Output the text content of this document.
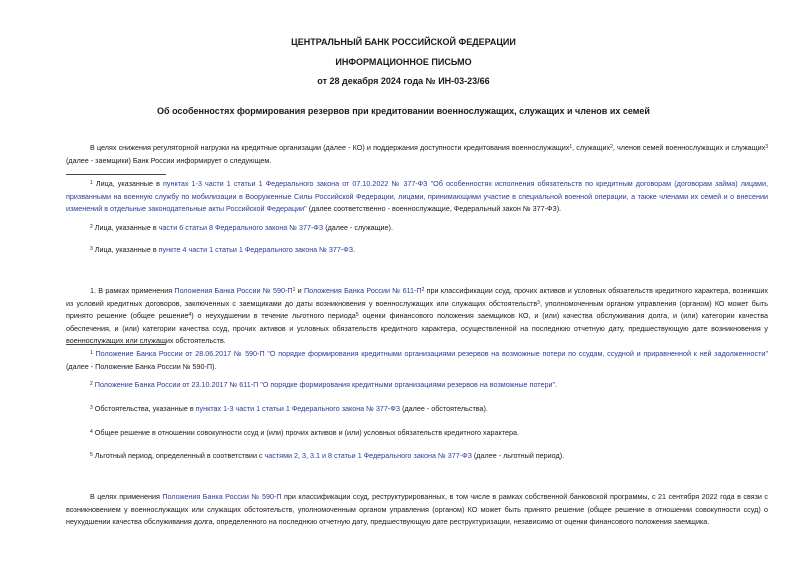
ЦЕНТРАЛЬНЫЙ БАНК РОССИЙСКОЙ ФЕДЕРАЦИИ
ИНФОРМАЦИОННОЕ ПИСЬМО
от 28 декабря 2024 года № ИН-03-23/66
Об особенностях формирования резервов при кредитовании военнослужащих, служащих и членов их семей
В целях снижения регуляторной нагрузки на кредитные организации (далее - КО) и поддержания доступности кредитования военнослужащих$^1$, служащих$^2$, членов семей военнослужащих и служащих$^3$ (далее - заемщики) Банк России информирует о следующем.
$^1$ Лица, указанные в пунктах 1-3 части 1 статьи 1 Федерального закона от 07.10.2022 № 377-ФЗ "Об особенностях исполнения обязательств по кредитным договорам (договорам займа) лицами, призванными на военную службу по мобилизации в Вооруженные Силы Российской Федерации, лицами, принимающими участие в специальной военной операции, а также членами их семей и о внесении изменений в отдельные законодательные акты Российской Федерации" (далее соответственно - военнослужащие, Федеральный закон № 377-ФЗ).
$^2$ Лица, указанные в части 6 статьи 8 Федерального закона № 377-ФЗ (далее - служащие).
$^3$ Лица, указанные в пункте 4 части 1 статьи 1 Федерального закона № 377-ФЗ.
1. В рамках применения Положения Банка России № $590-П^1$ и Положения Банка России № $611-П^2$ при классификации ссуд, прочих активов и условных обязательств кредитного характера, возникших из условий кредитных договоров, заключенных с заемщиками до даты возникновения у военнослужащих или служащих обстоятельств$^3$, уполномоченным органом управления (органом) КО может быть принято решение (общее решение$^4$) о неухудшении в течение льготного периода$^5$ оценки финансового положения заемщиков КО, и (или) качества обслуживания долга, и (или) категории качества обеспечения, и (или) категории качества ссуд, прочих активов и условных обязательств кредитного характера, осуществленной на последнюю отчетную дату, предшествующую дате возникновения у военнослужащих или служащих обстоятельств.
$^1$ Положение Банка России от 28.06.2017 № 590-П "О порядке формирования кредитными организациями резервов на возможные потери по ссудам, ссудной и приравненной к ней задолженности" (далее - Положение Банка России № 590-П).
$^2$ Положение Банка России от 23.10.2017 № 611-П "О порядке формирования кредитными организациями резервов на возможные потери".
$^3$ Обстоятельства, указанные в пунктах 1-3 части 1 статьи 1 Федерального закона № 377-ФЗ (далее - обстоятельства).
$^4$ Общее решение в отношении совокупности ссуд и (или) прочих активов и (или) условных обязательств кредитного характера.
$^5$ Льготный период, определенный в соответствии с частями 2, 3, 3.1 и 8 статьи 1 Федерального закона № 377-ФЗ (далее - льготный период).
В целях применения Положения Банка России № 590-П при классификации ссуд, реструктурированных, в том числе в рамках собственной банковской программы, с 21 сентября 2022 года в связи с возникновением у военнослужащих или служащих обстоятельств, уполномоченным органом управления (органом) КО может быть принято решение (общее решение в отношении совокупности ссуд) о неухудшении качества обслуживания долга, определенного на последнюю отчетную дату, предшествующую дате реструктуризации, независимо от оценки финансового положения заемщика.
